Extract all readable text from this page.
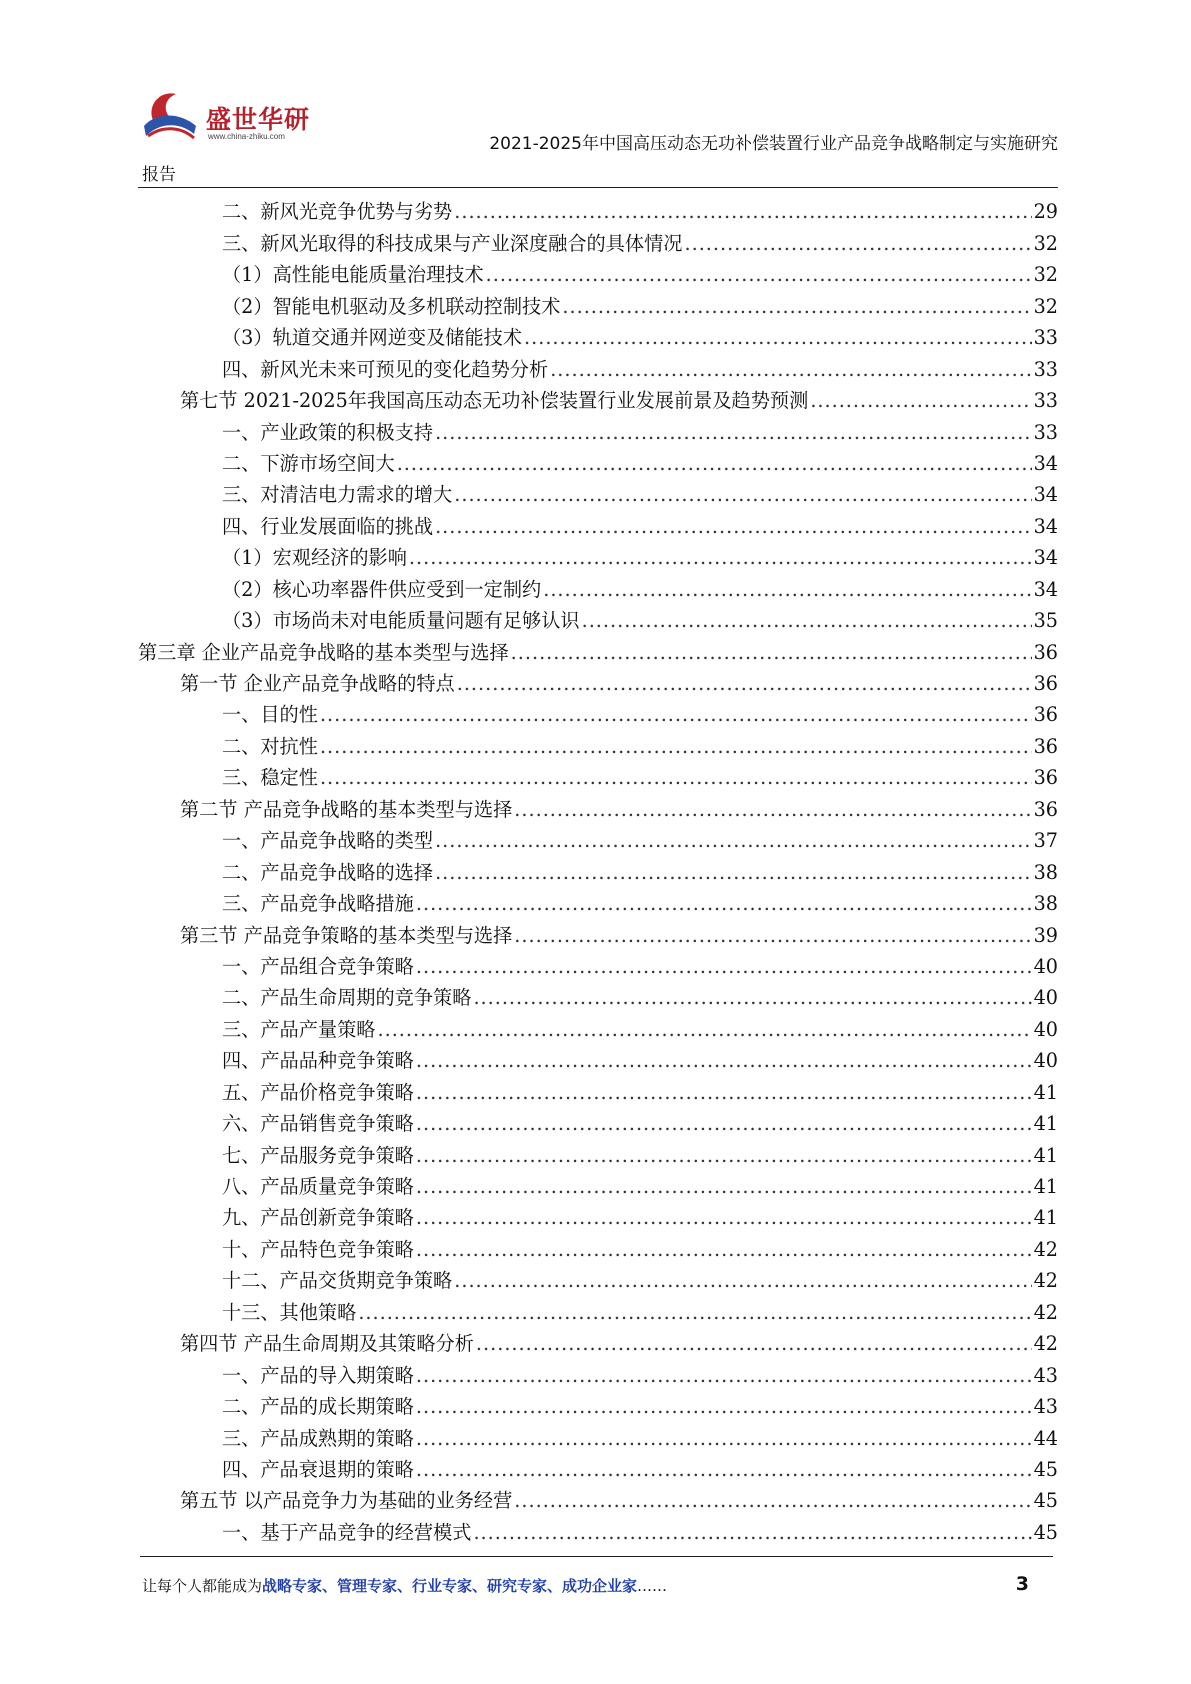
盛世华研
www.china-zhiku.com	2021-2025年中国高压动态无功补偿装置行业产品竞争战略制定与实施研究
报告
二、新风光竞争优势与劣势 .....	29
三、新风光取得的科技成果与产业深度融合的具体情况 .....	32
（1）高性能电能质量治理技术 .....	32
（2）智能电机驱动及多机联动控制技术 .....	32
（3）轨道交通并网逆变及储能技术 .....	33
四、新风光未来可预见的变化趋势分析 .....	33
第七节 2021-2025年我国高压动态无功补偿装置行业发展前景及趋势预测 .....	33
一、产业政策的积极支持 .....	33
二、下游市场空间大 .....	34
三、对清洁电力需求的增大 .....	34
四、行业发展面临的挑战 .....	34
（1）宏观经济的影响 .....	34
（2）核心功率器件供应受到一定制约 .....	34
（3）市场尚未对电能质量问题有足够认识 .....	35
第三章 企业产品竞争战略的基本类型与选择 .....	36
第一节 企业产品竞争战略的特点 .....	36
一、目的性 .....	36
二、对抗性 .....	36
三、稳定性 .....	36
第二节 产品竞争战略的基本类型与选择 .....	36
一、产品竞争战略的类型 .....	37
二、产品竞争战略的选择 .....	38
三、产品竞争战略措施 .....	38
第三节 产品竞争策略的基本类型与选择 .....	39
一、产品组合竞争策略 .....	40
二、产品生命周期的竞争策略 .....	40
三、产品产量策略 .....	40
四、产品品种竞争策略 .....	40
五、产品价格竞争策略 .....	41
六、产品销售竞争策略 .....	41
七、产品服务竞争策略 .....	41
八、产品质量竞争策略 .....	41
九、产品创新竞争策略 .....	41
十、产品特色竞争策略 .....	42
十二、产品交货期竞争策略 .....	42
十三、其他策略 .....	42
第四节 产品生命周期及其策略分析 .....	42
一、产品的导入期策略 .....	43
二、产品的成长期策略 .....	43
三、产品成熟期的策略 .....	44
四、产品衰退期的策略 .....	45
第五节 以产品竞争力为基础的业务经营 .....	45
一、基于产品竞争的经营模式 .....	45
让每个人都能成为战略专家、管理专家、行业专家、研究专家、成功企业家……	3
